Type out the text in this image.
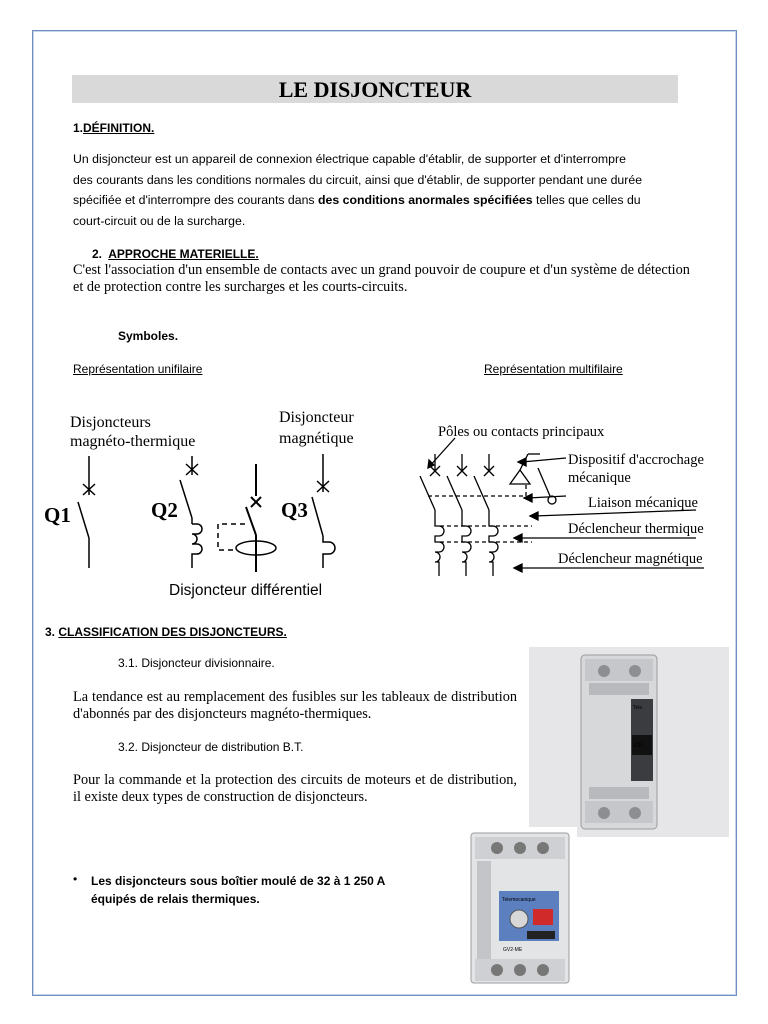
LE DISJONCTEUR
1.DÉFINITION.

Un disjoncteur est un appareil de connexion électrique capable d'établir, de supporter et d'interrompre des courants dans les conditions normales du circuit, ainsi que d'établir, de supporter pendant une durée spécifiée et d'interrompre des courants dans des conditions anormales spécifiées telles que celles du court-circuit ou de la surcharge.

2. APPROCHE MATERIELLE.

C'est l'association d'un ensemble de contacts avec un grand pouvoir de coupure et d'un système de détection et de protection contre les surcharges et les courts-circuits.

Symboles.
Représentation unifilaire	Représentation multifilaire
Disjoncteurs
magnéto-thermique
Disjoncteur
magnétique
Q1	Q2	Q3
Disjoncteur différentiel
Pôles ou contacts principaux
Dispositif d'accrochage
mécanique
Liaison mécanique
Déclencheur thermique
Déclencheur magnétique
3. CLASSIFICATION DES DISJONCTEURS.
3.1. Disjoncteur divisionnaire.

La tendance est au remplacement des fusibles sur les tableaux de distribution d'abonnés par des disjoncteurs magnéto-thermiques.

3.2. Disjoncteur de distribution B.T.

Pour la commande et la protection des circuits de moteurs et de distribution, il existe deux types de construction de disjoncteurs.

• Les disjoncteurs sous boîtier moulé de 32 à 1 250 A équipés de relais thermiques.

ON
Tele
Telemecanique
GV2-ME
